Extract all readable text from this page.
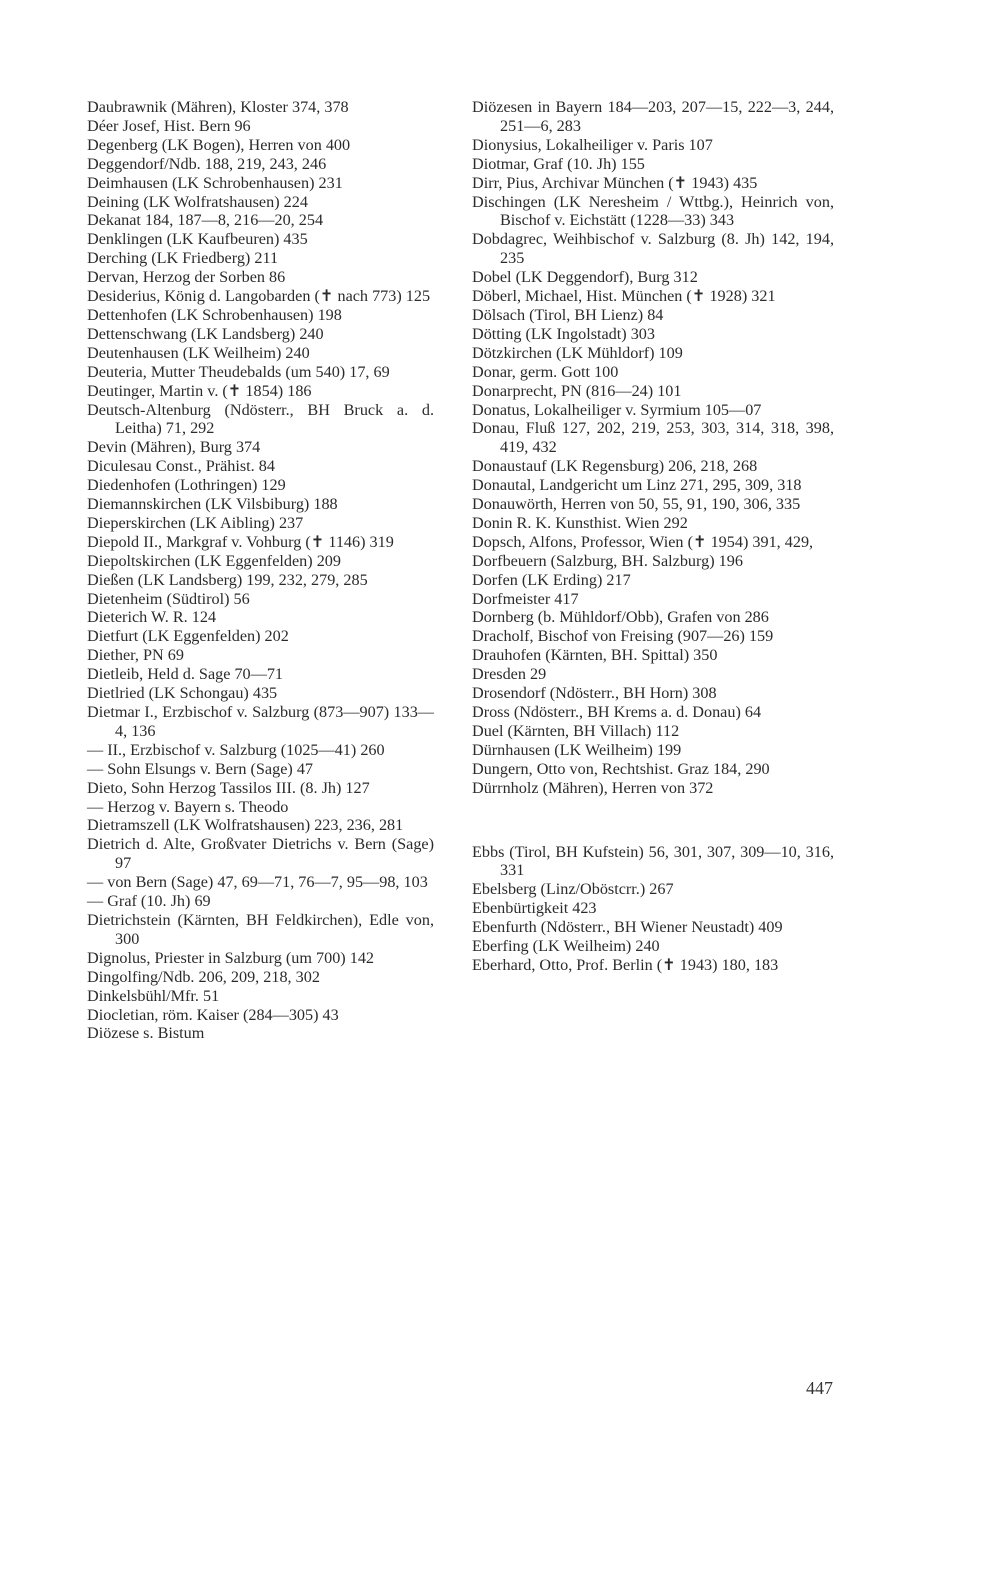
Daubrawnik (Mähren), Kloster 374, 378

Déer Josef, Hist. Bern 96

Degenberg (LK Bogen), Herren von 400

Deggendorf/Ndb. 188, 219, 243, 246

Deimhausen (LK Schrobenhausen) 231

Deining (LK Wolfratshausen) 224

Dekanat 184, 187—8, 216—20, 254

Denklingen (LK Kaufbeuren) 435

Derching (LK Friedberg) 211

Dervan, Herzog der Sorben 86

Desiderius, König d. Langobarden (✝ nach 773) 125

Dettenhofen (LK Schrobenhausen) 198

Dettenschwang (LK Landsberg) 240

Deutenhausen (LK Weilheim) 240

Deuteria, Mutter Theudebalds (um 540) 17, 69

Deutinger, Martin v. (✝ 1854) 186

Deutsch-Altenburg (Ndösterr., BH Bruck a. d. Leitha) 71, 292

Devin (Mähren), Burg 374

Diculesau Const., Prähist. 84

Diedenhofen (Lothringen) 129

Diemannskirchen (LK Vilsbiburg) 188

Dieperskirchen (LK Aibling) 237

Diepold II., Markgraf v. Vohburg (✝ 1146) 319

Diepoltskirchen (LK Eggenfelden) 209

Dießen (LK Landsberg) 199, 232, 279, 285

Dietenheim (Südtirol) 56

Dieterich W. R. 124

Dietfurt (LK Eggenfelden) 202

Diether, PN 69

Dietleib, Held d. Sage 70—71

Dietlried (LK Schongau) 435

Dietmar I., Erzbischof v. Salzburg (873—907) 133—4, 136

— II., Erzbischof v. Salzburg (1025—41) 260

— Sohn Elsungs v. Bern (Sage) 47

Dieto, Sohn Herzog Tassilos III. (8. Jh) 127

— Herzog v. Bayern s. Theodo

Dietramszell (LK Wolfratshausen) 223, 236, 281

Dietrich d. Alte, Großvater Dietrichs v. Bern (Sage) 97

— von Bern (Sage) 47, 69—71, 76—7, 95—98, 103

— Graf (10. Jh) 69

Dietrichstein (Kärnten, BH Feldkirchen), Edle von, 300

Dignolus, Priester in Salzburg (um 700) 142

Dingolfing/Ndb. 206, 209, 218, 302

Dinkelsbühl/Mfr. 51

Diocletian, röm. Kaiser (284—305) 43

Diözese s. Bistum

Diözesen in Bayern 184—203, 207—15, 222—3, 244, 251—6, 283

Dionysius, Lokalheiliger v. Paris 107

Diotmar, Graf (10. Jh) 155

Dirr, Pius, Archivar München (✝ 1943) 435

Dischingen (LK Neresheim / Wttbg.), Heinrich von, Bischof v. Eichstätt (1228—33) 343

Dobdagrec, Weihbischof v. Salzburg (8. Jh) 142, 194, 235

Dobel (LK Deggendorf), Burg 312

Döberl, Michael, Hist. München (✝ 1928) 321

Dölsach (Tirol, BH Lienz) 84

Dötting (LK Ingolstadt) 303

Dötzkirchen (LK Mühldorf) 109

Donar, germ. Gott 100

Donarprecht, PN (816—24) 101

Donatus, Lokalheiliger v. Syrmium 105—07

Donau, Fluß 127, 202, 219, 253, 303, 314, 318, 398, 419, 432

Donaustauf (LK Regensburg) 206, 218, 268

Donautal, Landgericht um Linz 271, 295, 309, 318

Donauwörth, Herren von 50, 55, 91, 190, 306, 335

Donin R. K. Kunsthist. Wien 292

Dopsch, Alfons, Professor, Wien (✝ 1954) 391, 429,

Dorfbeuern (Salzburg, BH. Salzburg) 196

Dorfen (LK Erding) 217

Dorfmeister 417

Dornberg (b. Mühldorf/Obb), Grafen von 286

Dracholf, Bischof von Freising (907—26) 159

Drauhofen (Kärnten, BH. Spittal) 350

Dresden 29

Drosendorf (Ndösterr., BH Horn) 308

Dross (Ndösterr., BH Krems a. d. Donau) 64

Duel (Kärnten, BH Villach) 112

Dürnhausen (LK Weilheim) 199

Dungern, Otto von, Rechtshist. Graz 184, 290

Dürrnholz (Mähren), Herren von 372

Ebbs (Tirol, BH Kufstein) 56, 301, 307, 309—10, 316, 331

Ebelsberg (Linz/Oböstcrr.) 267

Ebenbürtigkeit 423

Ebenfurth (Ndösterr., BH Wiener Neustadt) 409

Eberfing (LK Weilheim) 240

Eberhard, Otto, Prof. Berlin (✝ 1943) 180, 183

447
